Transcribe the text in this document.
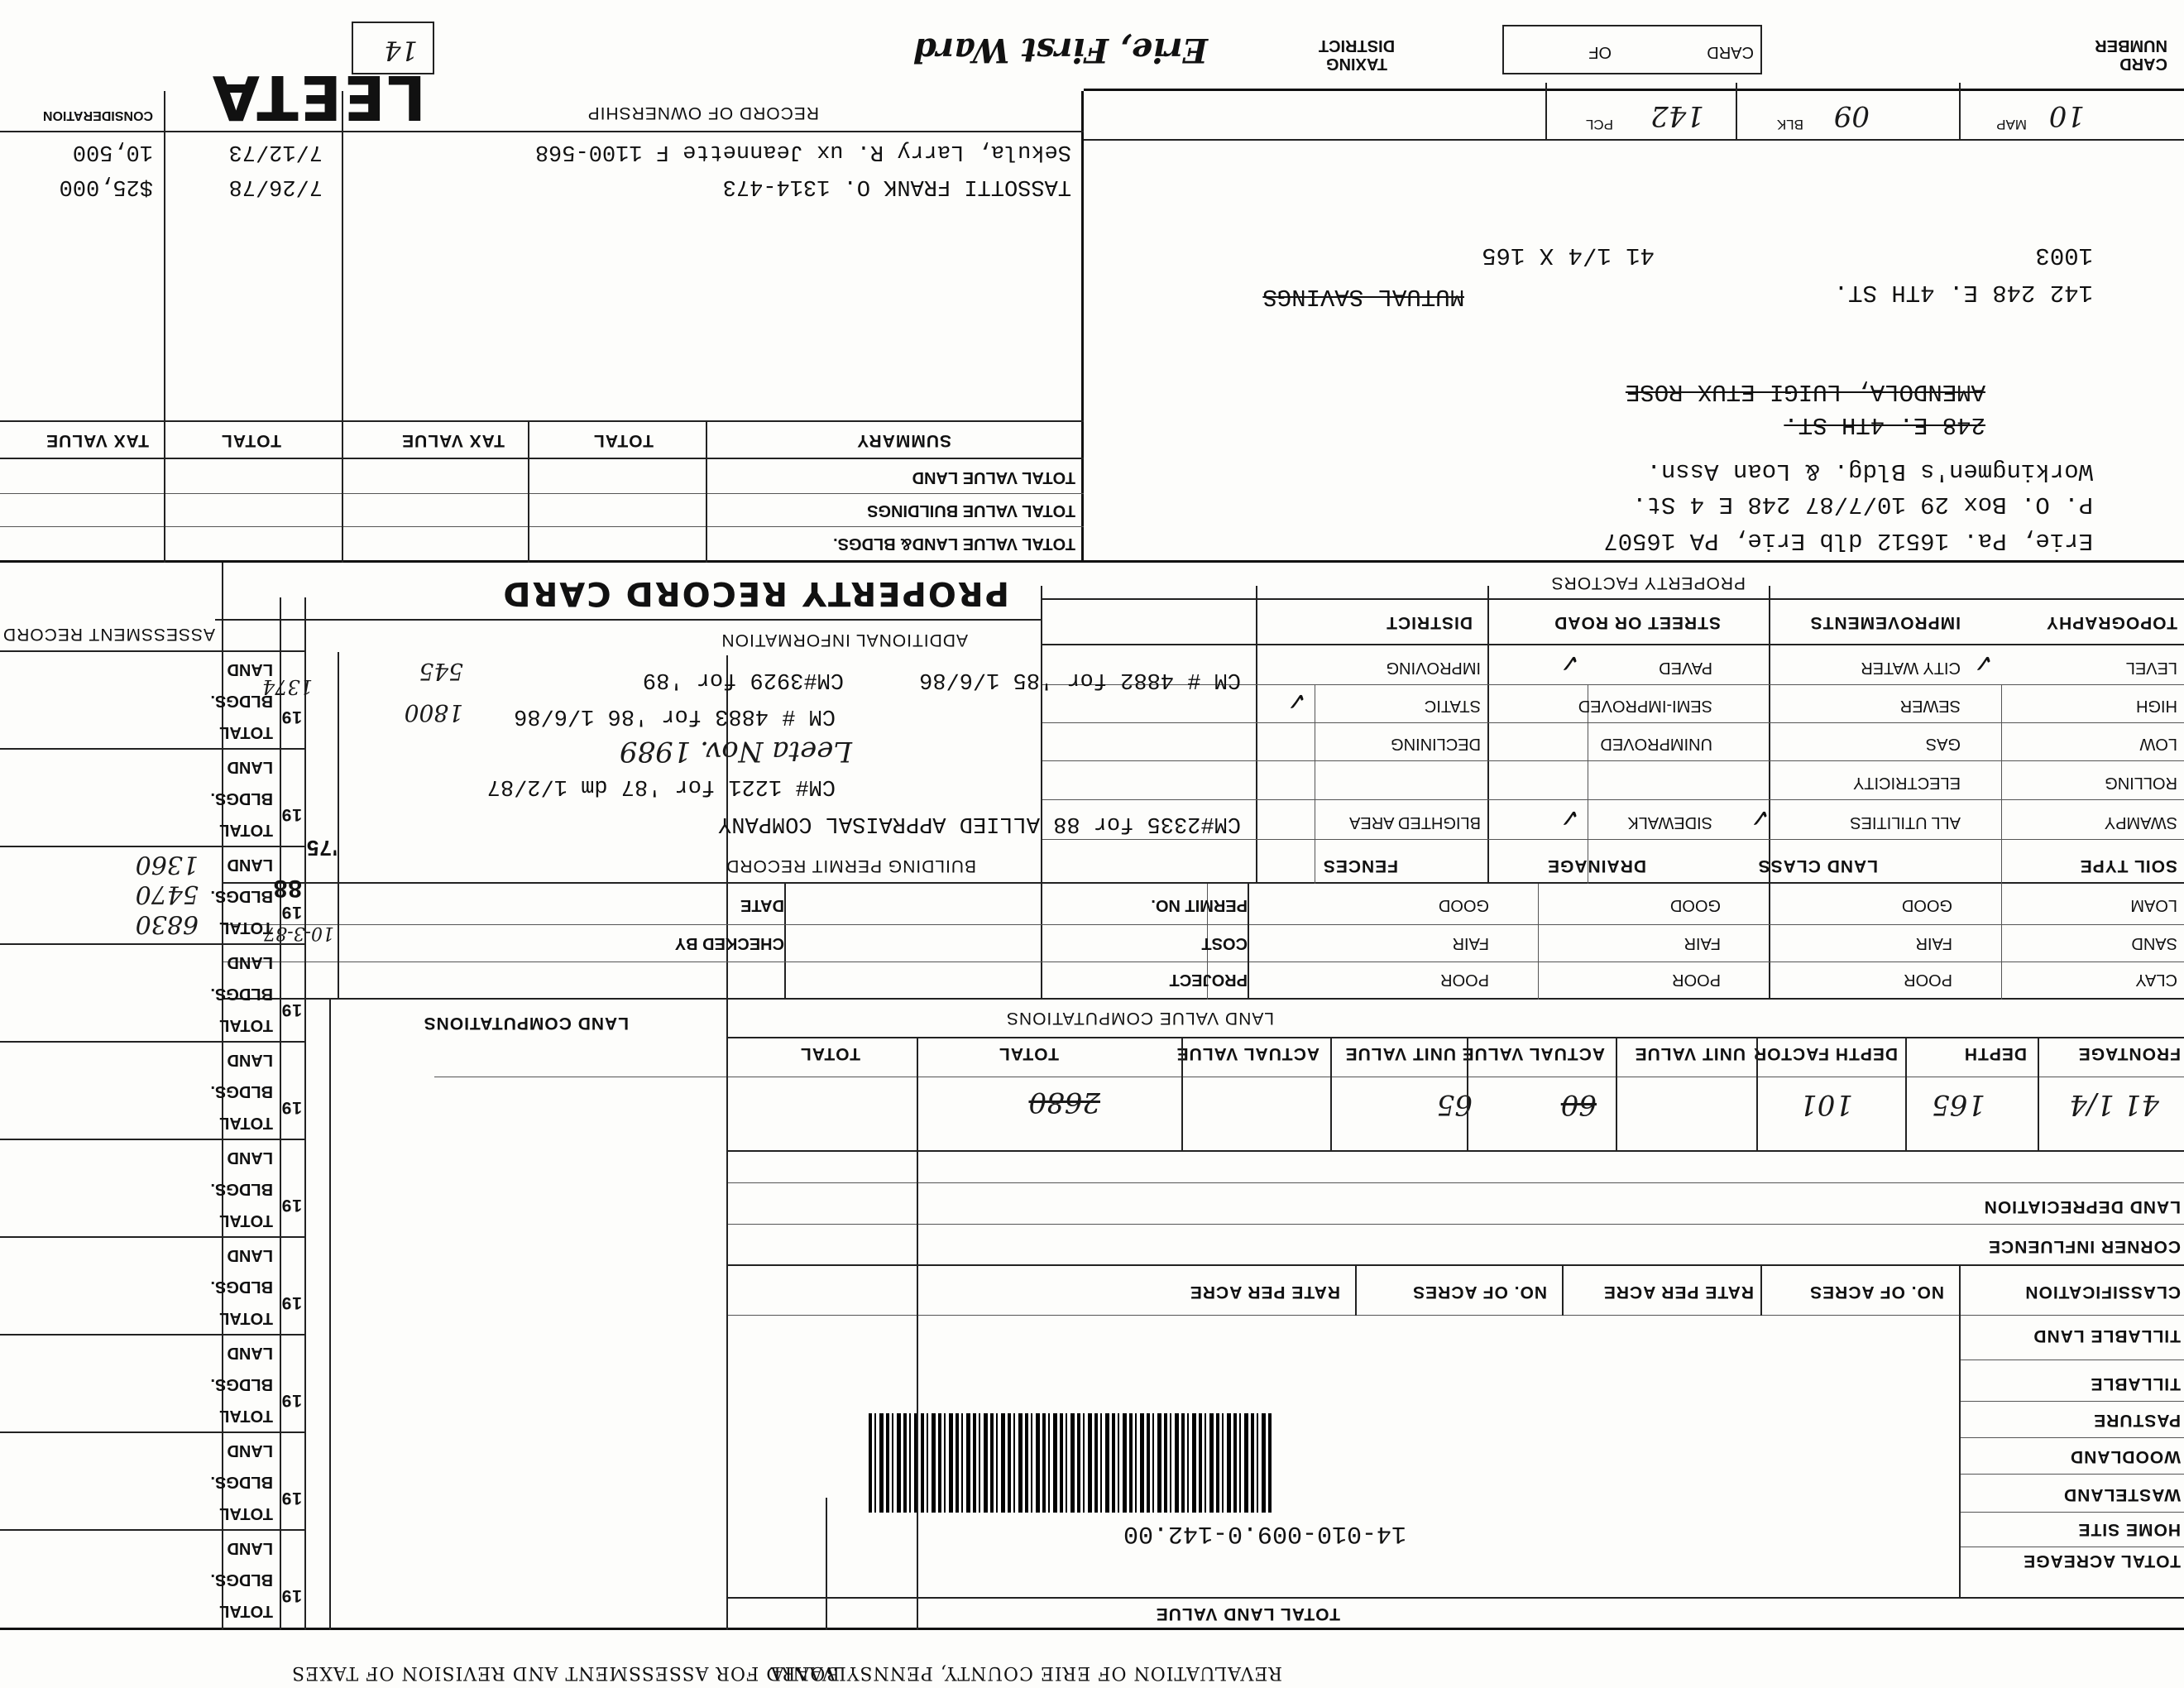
REVALUATION OF ERIE COUNTY, PENNSYLVANIA
BOARD FOR ASSESSMENT AND REVISION OF TAXES
TOTAL LAND VALUE
TOTAL ACREAGE
HOME SITE
WASTELAND
WOODLAND
PASTURE
TILLABLE
TILLABLE LAND
14-010-009.0-142.00
CLASSIFICATION
NO. OF ACRES
RATE PER ACRE
NO. OF ACRES
RATE PER ACRE
CORNER INFLUENCE
LAND DEPRECIATION
41 1/4
165
101
60
65
2680
FRONTAGE
DEPTH
DEPTH FACTOR
UNIT VALUE
ACTUAL VALUE
UNIT VALUE
ACTUAL VALUE
TOTAL
TOTAL
LAND VALUE COMPUTATIONS
LAND COMPUTATIONS
CLAY
SAND
LOAM
SOIL TYPE
POOR
FAIR
GOOD
LAND CLASS
POOR
FAIR
GOOD
DRAINAGE
POOR
FAIR
GOOD
FENCES
SWAMPY
ROLLING
LOW
HIGH
LEVEL
✓
ALL UTILITIES
✓
ELECTRICITY
GAS
SEWER
CITY WATER
SIDEWALK
✓
UNIMPROVED
SEMI-IMPROVED
PAVED
✓
BLIGHTED AREA
DECLINING
STATIC
✓
IMPROVING
TOPOGRAPHY
IMPROVEMENTS
STREET OR ROAD
DISTRICT
PROPERTY FACTORS
PROJECT
COST
PERMIT NO.
CHECKED BY
DATE
BUILDING PERMIT RECORD
CM#2335 for 88 ALLIED APPRAISAL COMPANY
CM# 1221 for '87 dm 1/2/87
Leeta Nov. 1989
CM # 4883 for '86 1/6/86
CM # 4882 for '85 1/6/86
CM#3929 for '89
1800
545
ADDITIONAL INFORMATION
PROPERTY RECORD CARD
TOTAL
BLDGS.
LAND
19
TOTAL
BLDGS.
LAND
19
TOTAL
BLDGS.
LAND
19
TOTAL
BLDGS.
LAND
19
TOTAL
BLDGS.
LAND
19
TOTAL
BLDGS.
LAND
19
TOTAL
BLDGS.
LAND
19
TOTAL
BLDGS.
LAND
19
88
6830
5470
1360
TOTAL
BLDGS.
LAND
19
TOTAL
BLDGS.
LAND
19
1374
'75
10-3-87
ASSESSMENT RECORD
Erie, Pa. 16512 dlb Erie, PA 16507
P. O. Box 29 10/7/87 248 E 4 St.
Workingmen's Bldg. & Loan Assn.
248 E. 4TH ST.
AMENDOLA, LUIGI ETUX ROSE
142 248 E. 4TH ST.
MUTUAL SAVINGS
1003
41 1/4 X 165
TOTAL VALUE LAND& BLDGS.
TOTAL VALUE BUILDINGS
TOTAL VALUE LAND
SUMMARY
TOTAL
TAX VALUE
TOTAL
TAX VALUE
TASSOTTI FRANK O. 1314-473
7/26/78
$25,000
Sekula, Larry R. ux Jeannette F 1100-568
7/12/73
10,500
RECORD OF OWNERSHIP
CONSIDERATION LEETA
14
MAP 10
BLK 09
PCL 142
CARD NUMBER
CARD
OF
TAXING DISTRICT
Erie, First Ward
